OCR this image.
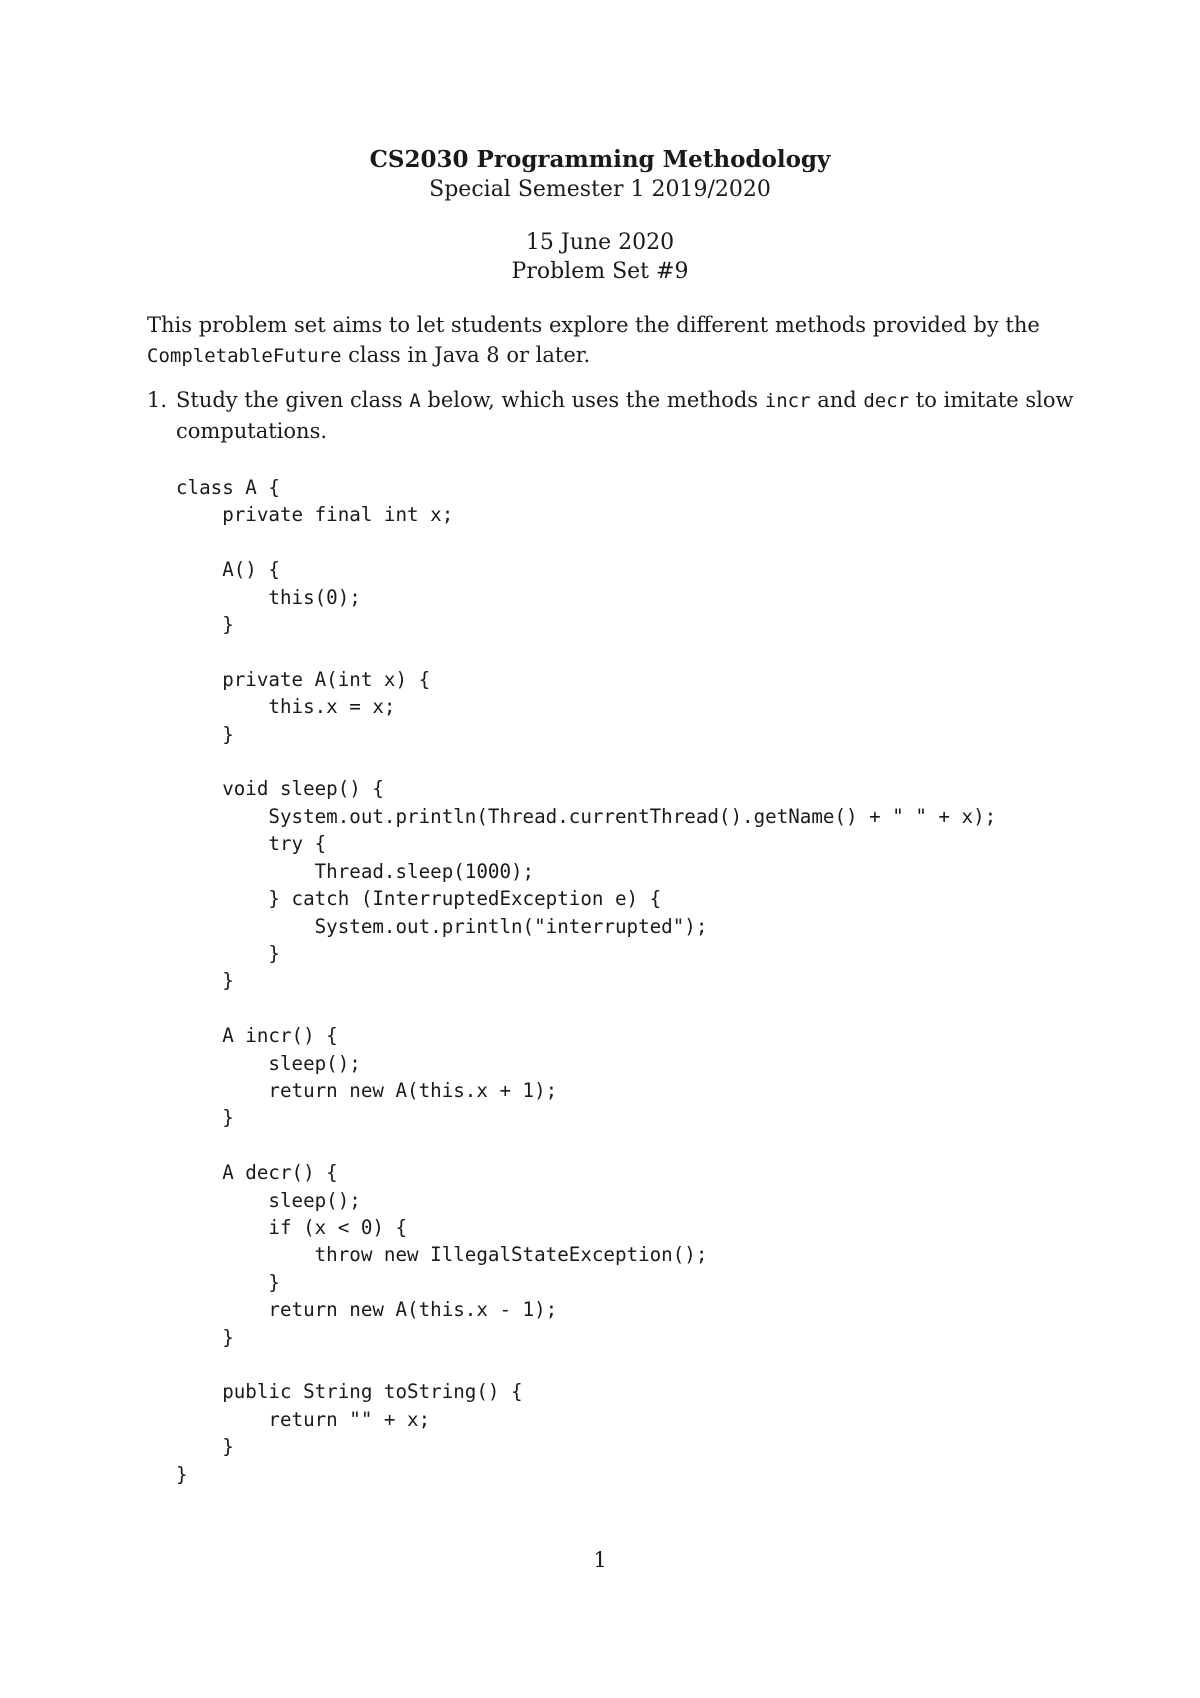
CS2030 Programming Methodology
Special Semester 1 2019/2020
15 June 2020
Problem Set #9
This problem set aims to let students explore the different methods provided by the
CompletableFuture class in Java 8 or later.
1. Study the given class A below, which uses the methods incr and decr to imitate slow
computations.
class A {
private final int x;

A() {
this(0);
}

private A(int x) {
this.x = x;
}

void sleep() {
System.out.println(Thread.currentThread().getName() + " " + x);
try {
Thread.sleep(1000);
} catch (InterruptedException e) {
System.out.println("interrupted");
}
}

A incr() {
sleep();
return new A(this.x + 1);
}

A decr() {
sleep();
if (x < 0) {
throw new IllegalStateException();
}
return new A(this.x - 1);
}

public String toString() {
return "" + x;
}
}
1
